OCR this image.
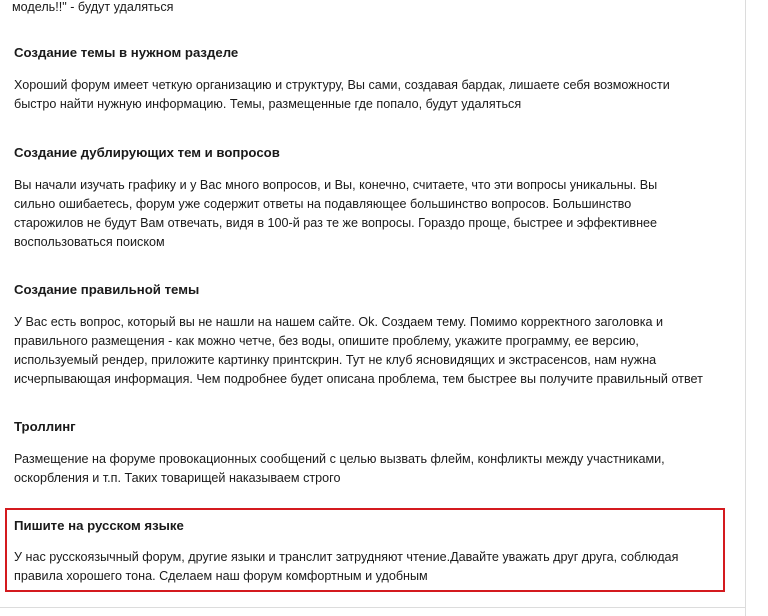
модель!!" - будут удаляться

Создание темы в нужном разделе

Хороший форум имеет четкую организацию и структуру, Вы сами, создавая бардак, лишаете себя возможности
быстро найти нужную информацию. Темы, размещенные где попало, будут удаляться

Создание дублирующих тем и вопросов

Вы начали изучать графику и у Вас много вопросов, и Вы, конечно, считаете, что эти вопросы уникальны. Вы
сильно ошибаетесь, форум уже содержит ответы на подавляющее большинство вопросов. Большинство
старожилов не будут Вам отвечать, видя в 100-й раз те же вопросы. Гораздо проще, быстрее и эффективнее
воспользоваться поиском

Создание правильной темы

У Вас есть вопрос, который вы не нашли на нашем сайте. Ok. Создаем тему. Помимо корректного заголовка и
правильного размещения - как можно четче, без воды, опишите проблему, укажите программу, ее версию,
используемый рендер, приложите картинку принтскрин. Тут не клуб ясновидящих и экстрасенсов, нам нужна
исчерпывающая информация. Чем подробнее будет описана проблема, тем быстрее вы получите правильный ответ

Троллинг

Размещение на форуме провокационных сообщений с целью вызвать флейм, конфликты между участниками,
оскорбления и т.п. Таких товарищей наказываем строго

Пишите на русском языке

У нас русскоязычный форум, другие языки и транслит затрудняют чтение.Давайте уважать друг друга, соблюдая
правила хорошего тона. Сделаем наш форум комфортным и удобным
